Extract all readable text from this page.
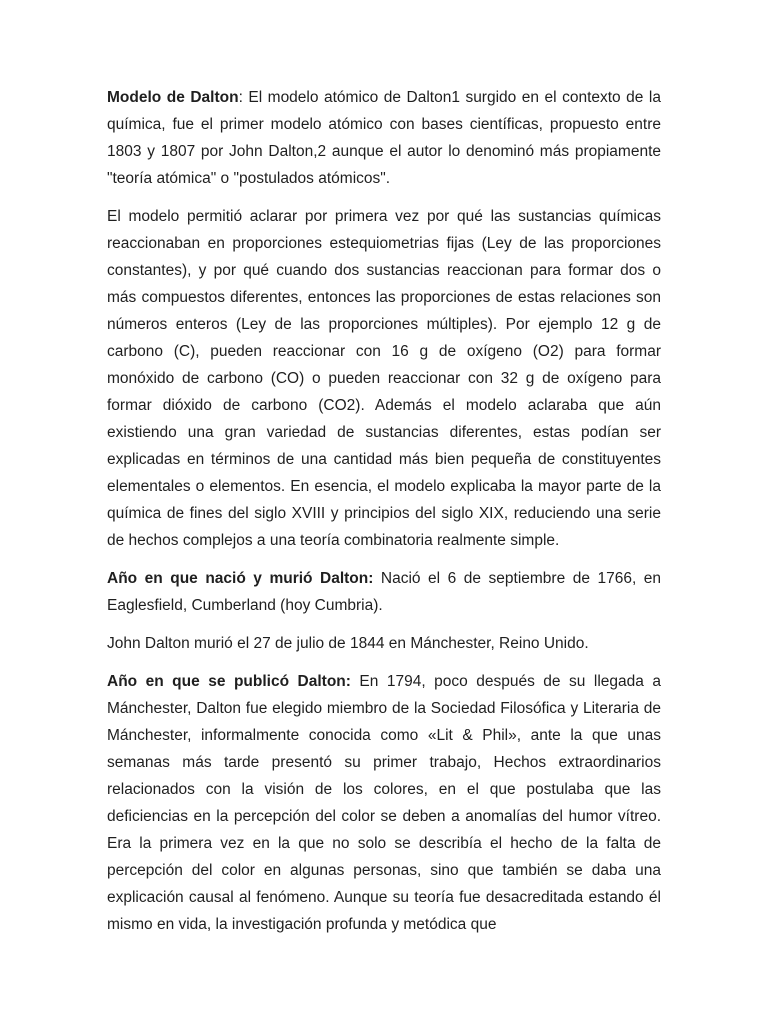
Modelo de Dalton: El modelo atómico de Dalton1 surgido en el contexto de la química, fue el primer modelo atómico con bases científicas, propuesto entre 1803 y 1807 por John Dalton,2 aunque el autor lo denominó más propiamente "teoría atómica" o "postulados atómicos".

El modelo permitió aclarar por primera vez por qué las sustancias químicas reaccionaban en proporciones estequiometrias fijas (Ley de las proporciones constantes), y por qué cuando dos sustancias reaccionan para formar dos o más compuestos diferentes, entonces las proporciones de estas relaciones son números enteros (Ley de las proporciones múltiples). Por ejemplo 12 g de carbono (C), pueden reaccionar con 16 g de oxígeno (O2) para formar monóxido de carbono (CO) o pueden reaccionar con 32 g de oxígeno para formar dióxido de carbono (CO2). Además el modelo aclaraba que aún existiendo una gran variedad de sustancias diferentes, estas podían ser explicadas en términos de una cantidad más bien pequeña de constituyentes elementales o elementos. En esencia, el modelo explicaba la mayor parte de la química de fines del siglo XVIII y principios del siglo XIX, reduciendo una serie de hechos complejos a una teoría combinatoria realmente simple.

Año en que nació y murió Dalton: Nació el 6 de septiembre de 1766, en Eaglesfield, Cumberland (hoy Cumbria).

John Dalton murió el 27 de julio de 1844 en Mánchester, Reino Unido.

Año en que se publicó Dalton: En 1794, poco después de su llegada a Mánchester, Dalton fue elegido miembro de la Sociedad Filosófica y Literaria de Mánchester, informalmente conocida como «Lit & Phil», ante la que unas semanas más tarde presentó su primer trabajo, Hechos extraordinarios relacionados con la visión de los colores, en el que postulaba que las deficiencias en la percepción del color se deben a anomalías del humor vítreo. Era la primera vez en la que no solo se describía el hecho de la falta de percepción del color en algunas personas, sino que también se daba una explicación causal al fenómeno. Aunque su teoría fue desacreditada estando él mismo en vida, la investigación profunda y metódica que
